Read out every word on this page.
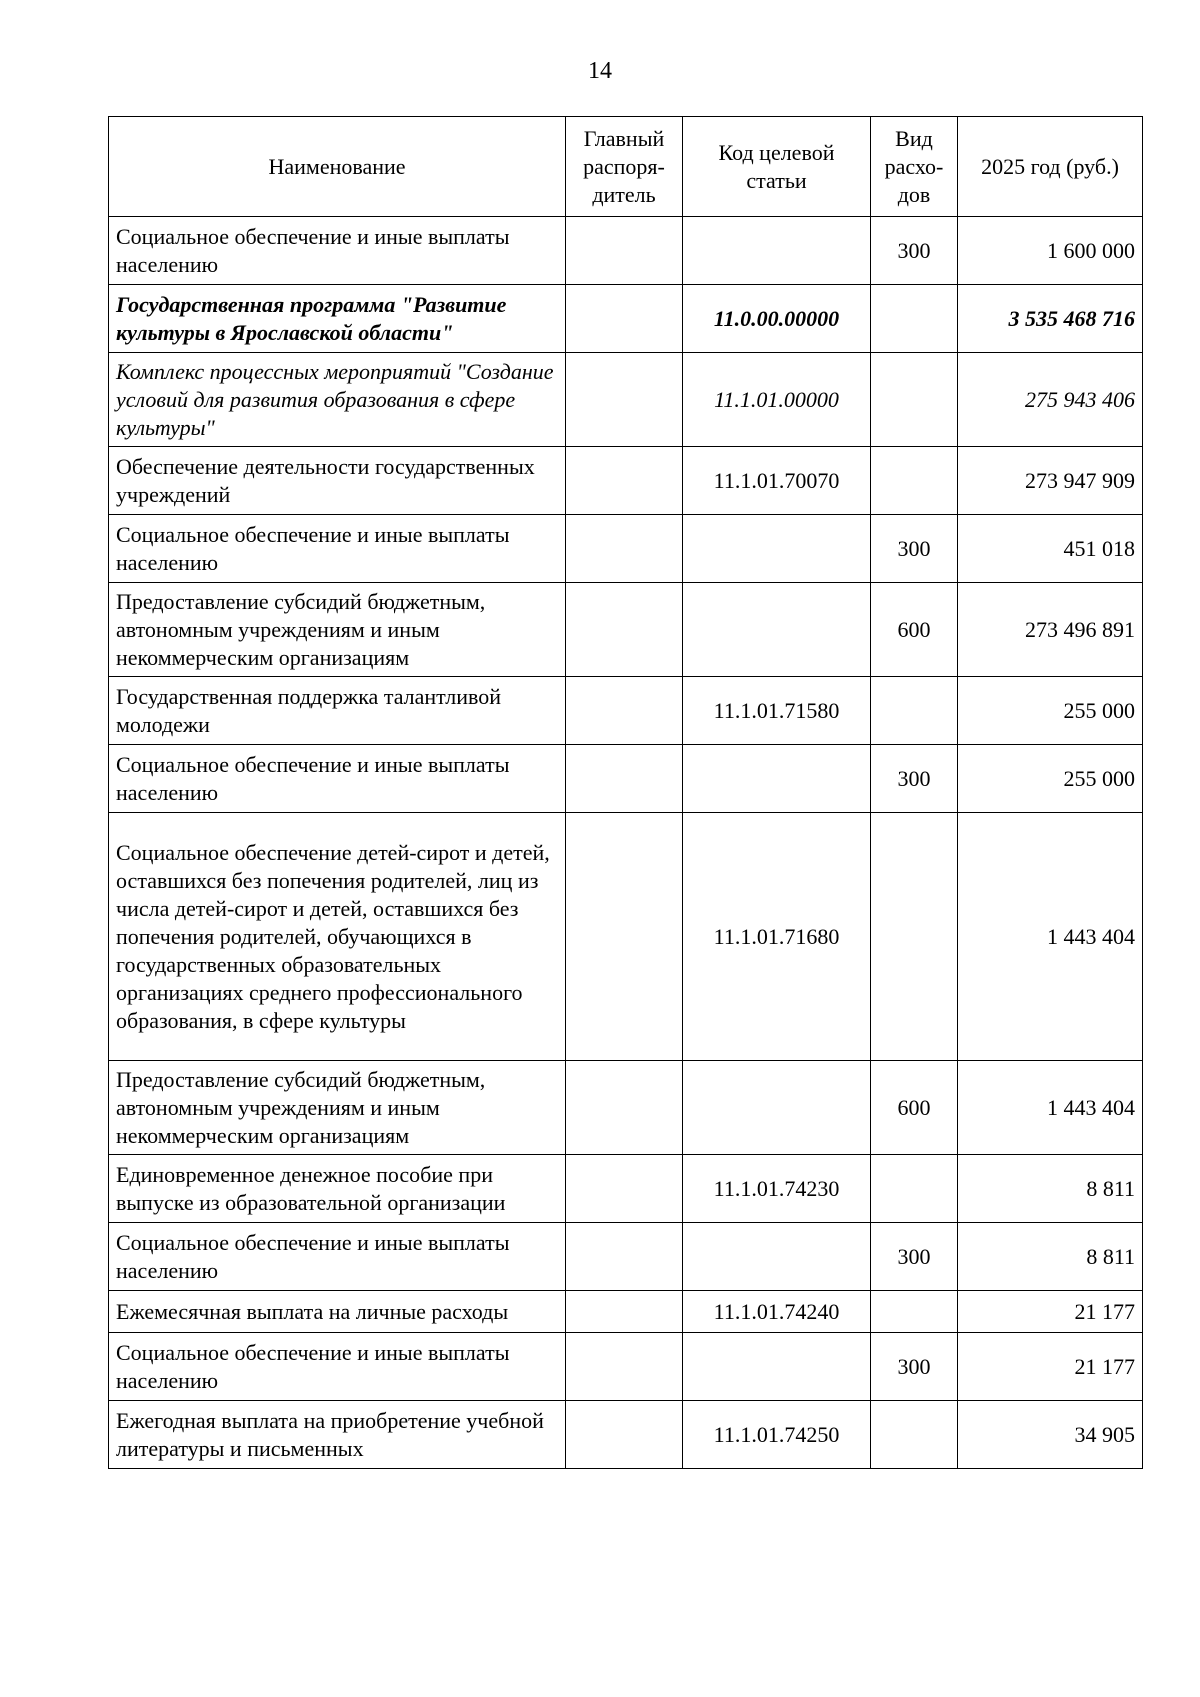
14
Наименование	Главный распоря-дитель	Код целевой статьи	Вид расхо-дов	2025 год (руб.)
Социальное обеспечение и иные выплаты населению			300	1 600 000
Государственная программа "Развитие культуры в Ярославской области"		11.0.00.00000		3 535 468 716
Комплекс процессных мероприятий "Создание условий для развития образования в сфере культуры"		11.1.01.00000		275 943 406
Обеспечение деятельности государственных учреждений		11.1.01.70070		273 947 909
Социальное обеспечение и иные выплаты населению			300	451 018
Предоставление субсидий бюджетным, автономным учреждениям и иным некоммерческим организациям			600	273 496 891
Государственная поддержка талантливой молодежи		11.1.01.71580		255 000
Социальное обеспечение и иные выплаты населению			300	255 000
Социальное обеспечение детей-сирот и детей, оставшихся без попечения родителей, лиц из числа детей-сирот и детей, оставшихся без попечения родителей, обучающихся в государственных образовательных организациях среднего профессионального образования, в сфере культуры		11.1.01.71680		1 443 404
Предоставление субсидий бюджетным, автономным учреждениям и иным некоммерческим организациям			600	1 443 404
Единовременное денежное пособие при выпуске из образовательной организации		11.1.01.74230		8 811
Социальное обеспечение и иные выплаты населению			300	8 811
Ежемесячная выплата на личные расходы		11.1.01.74240		21 177
Социальное обеспечение и иные выплаты населению			300	21 177
Ежегодная выплата на приобретение учебной литературы и письменных		11.1.01.74250		34 905
